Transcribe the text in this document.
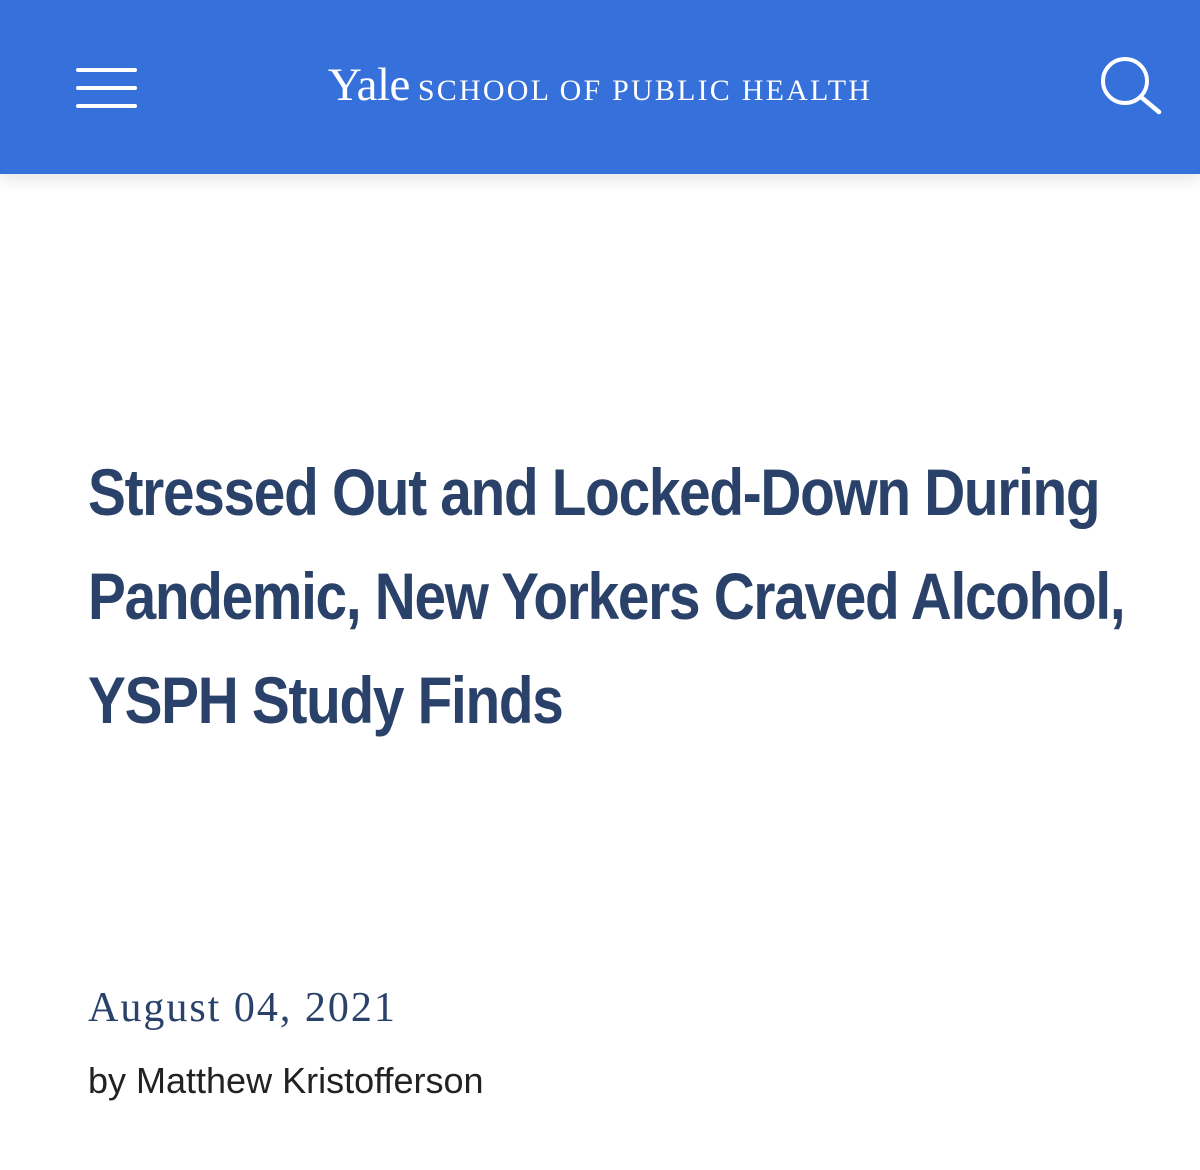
Yale SCHOOL OF PUBLIC HEALTH
Stressed Out and Locked-Down During Pandemic, New Yorkers Craved Alcohol, YSPH Study Finds

August 04, 2021

by Matthew Kristofferson
